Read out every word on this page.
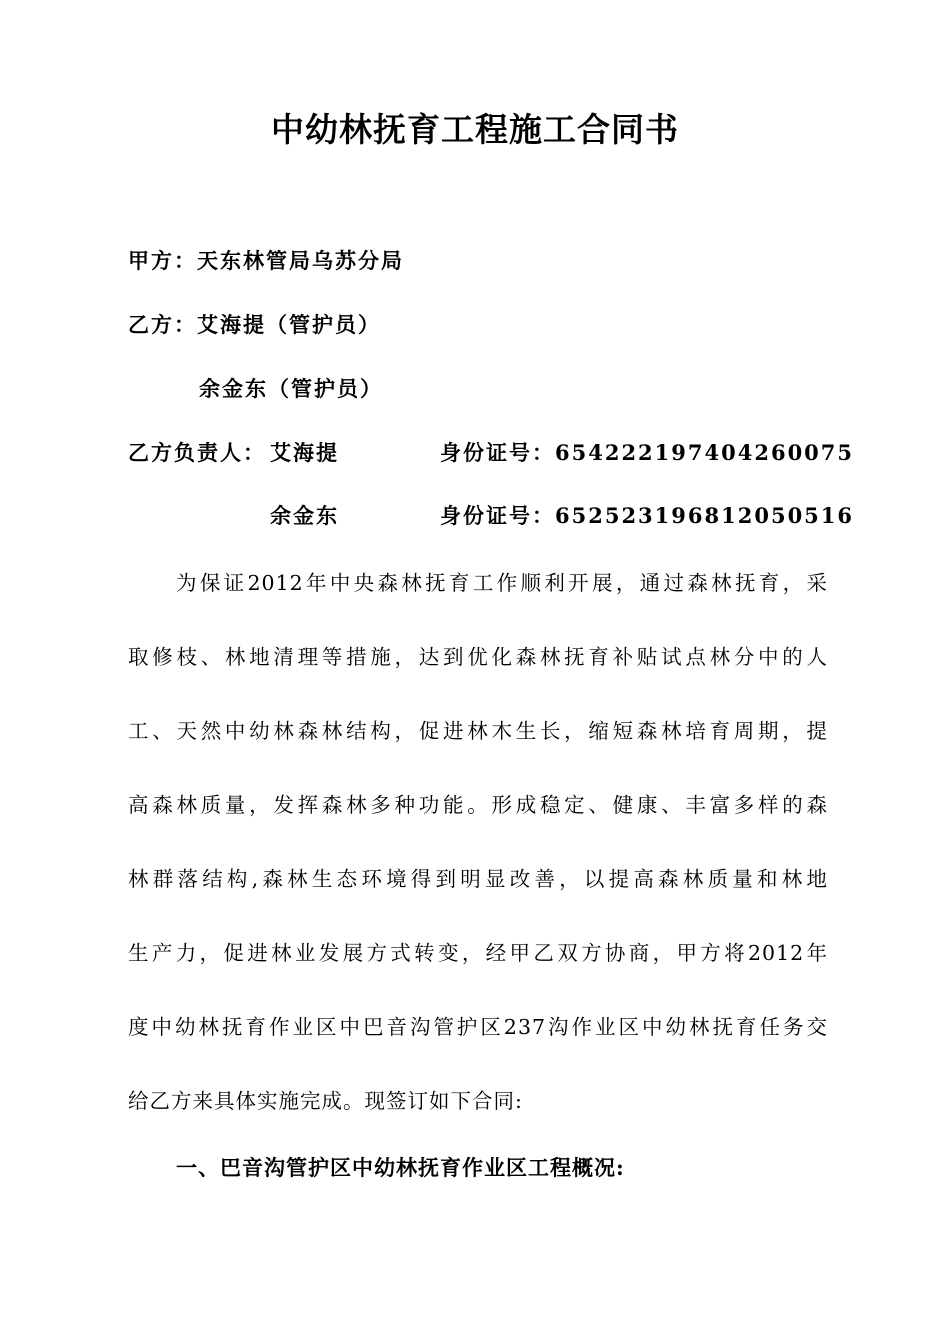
中幼林抚育工程施工合同书
甲方：天东林管局乌苏分局
乙方：艾海提（管护员）
余金东（管护员）
乙方负责人： 艾海提	身份证号：654222197404260075
余金东	身份证号：652523196812050516
为保证2012年中央森林抚育工作顺利开展，通过森林抚育，采
取修枝、林地清理等措施，达到优化森林抚育补贴试点林分中的人
工、天然中幼林森林结构，促进林木生长，缩短森林培育周期，提
高森林质量，发挥森林多种功能。形成稳定、健康、丰富多样的森
林群落结构,森林生态环境得到明显改善，以提高森林质量和林地
生产力，促进林业发展方式转变，经甲乙双方协商，甲方将2012年
度中幼林抚育作业区中巴音沟管护区237沟作业区中幼林抚育任务交
给乙方来具体实施完成。现签订如下合同:
一、巴音沟管护区中幼林抚育作业区工程概况:
